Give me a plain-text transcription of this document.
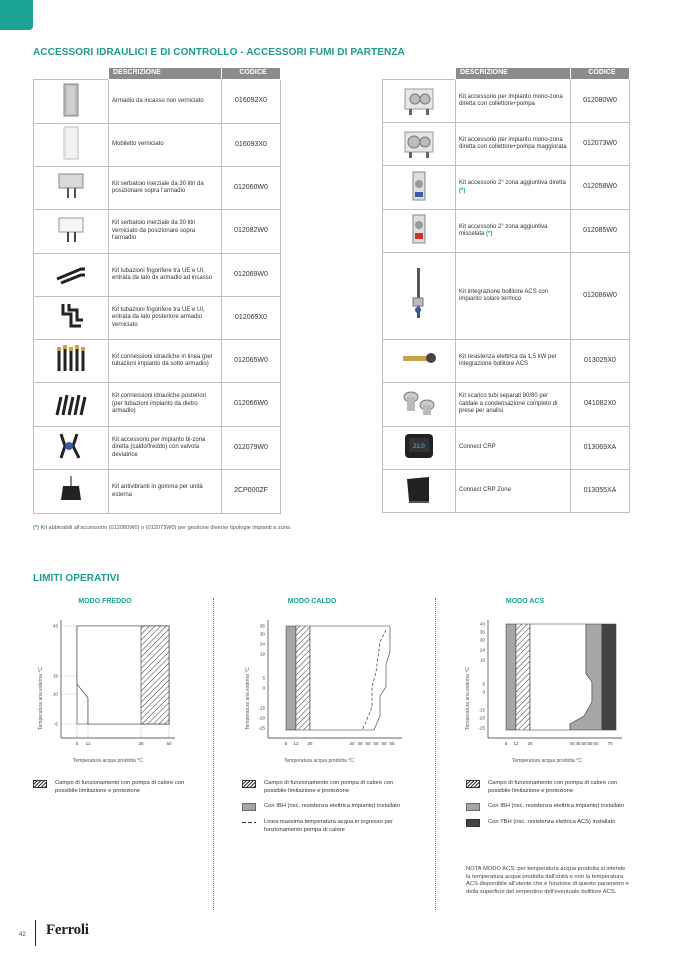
ACCESSORI IDRAULICI E DI CONTROLLO - ACCESSORI FUMI DI PARTENZA
	DESCRIZIONE	CODICE
	Armadio da incasso non verniciato	016092X0
	Mobiletto verniciato	016093X0
	Kit serbatoio inerziale da 30 litri da posizionare sopra l'armadio	012060W0
	Kit serbatoio inerziale da 30 litri verniciato da posizionare sopra l'armadio	012082W0
	Kit tubazioni frigorifere tra UE e UI, entrata da lato dx armadio ad incasso	012069W0
	Kit tubazioni frigorifere tra UE e UI, entrata da lato posteriore armadio verniciato	012069X0
	Kit connessioni idrauliche in linea (per tubazioni impianto da sotto armadio)	012065W0
	Kit connessioni idrauliche posteriori (per tubazioni impianto da dietro armadio)	012066W0
	Kit accessorio per impianto bi-zona diretta (caldo/freddo) con valvola deviatrice	012079W0
	Kit antivibranti in gomma per unità esterna	2CP000ZF
	DESCRIZIONE	CODICE
	Kit accessorio per impianto mono-zona diretta con collettore+pompa	012080W0
	Kit accessorio per impianto mono-zona diretta con collettore+pompa maggiorata	012073W0
	Kit accessorio 2° zona aggiuntiva diretta (*)	012058W0
	Kit accessorio 2° zona aggiuntiva miscelata (*)	012085W0
	Kit integrazione bollitore ACS con impianto solare termico	012086W0
	Kit resistenza elettrica da 1,5 kW per integrazione bollitore ACS	013025X0
	Kit scarico tubi separati 80/80 per caldaie a condensazione completo di prese per analisi	041082X0

21.0	Connect CRP	013069XA
	Connect CRP Zone	013055XA
(*) Kit abbinabili all'accessorio (012080W0) o (012073W0) per gestione diverse tipologie impianti a zona
LIMITI OPERATIVI
MODO FREDDO	MODO CALDO	MODO ACS
Temperatura aria esterna °C
43
19
10
-5
5 11	25	50
Temperatura acqua prodotta °C
Temperatura aria esterna °C
35
30
24
19
5
0
-15
-20
-25
5 12 25	40 45 50 55 60 65
Temperatura acqua prodotta °C
Temperatura aria esterna °C
43
35
30
24
19
5
0
-15
-20
-25
5 12 25	40 45 50 55 60 70
Temperatura acqua prodotta °C
Campo di funzionamento con pompa di calore con possibile limitazione e protezione
Campo di funzionamento con pompa di calore con possibile limitazione e protezione
Con IBH (risc. resistenza elettrica impianto) installato
Linea massima temperatura acqua in ingresso per funzionamento pompa di calore
Campo di funzionamento con pompa di calore con possibile limitazione e protezione
Con IBH (risc. resistenza elettrica impianto) installato
Con TBH (risc. resistenza elettrica ACS) installato
NOTA MODO ACS: per temperatura acqua prodotta si intende la temperatura acqua prodotta dall'unità e non la temperatura ACS disponibile all'utente che è funzione di questo parametro e della superficie del serpentino dell'eventuale bollitore ACS.
42 Ferroli
